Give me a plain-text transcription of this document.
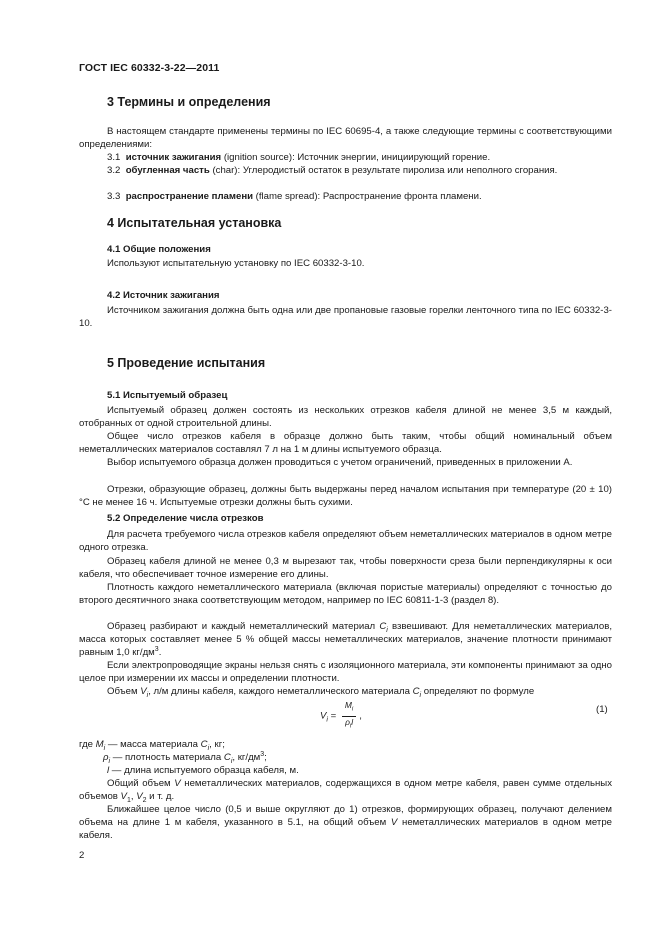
ГОСТ IEC 60332-3-22—2011
3 Термины и определения

В настоящем стандарте применены термины по IEC 60695-4, а также следующие термины с соответствующими определениями:

3.1 источник зажигания (ignition source): Источник энергии, инициирующий горение.

3.2 обугленная часть (char): Углеродистый остаток в результате пиролиза или неполного сгорания.

3.3 распространение пламени (flame spread): Распространение фронта пламени.

4 Испытательная установка
4.1 Общие положения

Используют испытательную установку по IEC 60332-3-10.

4.2 Источник зажигания

Источником зажигания должна быть одна или две пропановые газовые горелки ленточного типа по IEC 60332-3-10.

5 Проведение испытания
5.1 Испытуемый образец

Испытуемый образец должен состоять из нескольких отрезков кабеля длиной не менее 3,5 м каждый, отобранных от одной строительной длины.

Общее число отрезков кабеля в образце должно быть таким, чтобы общий номинальный объем неметаллических материалов составлял 7 л на 1 м длины испытуемого образца.

Выбор испытуемого образца должен проводиться с учетом ограничений, приведенных в приложении А.

Отрезки, образующие образец, должны быть выдержаны перед началом испытания при температуре (20 ± 10) °С не менее 16 ч. Испытуемые отрезки должны быть сухими.

5.2 Определение числа отрезков

Для расчета требуемого числа отрезков кабеля определяют объем неметаллических материалов в одном метре одного отрезка.

Образец кабеля длиной не менее 0,3 м вырезают так, чтобы поверхности среза были перпендикулярны к оси кабеля, что обеспечивает точное измерение его длины.

Плотность каждого неметаллического материала (включая пористые материалы) определяют с точностью до второго десятичного знака соответствующим методом, например по IEC 60811-1-3 (раздел 8).

Образец разбирают и каждый неметаллический материал $C_i$ взвешивают. Для неметаллических материалов, масса которых составляет менее 5 % общей массы неметаллических материалов, значение плотности принимают равным 1,0 $кг/дм^3$.

Если электропроводящие экраны нельзя снять с изоляционного материала, эти компоненты принимают за одно целое при измерении их массы и определении плотности.

Объем $V_i$, л/м длины кабеля, каждого неметаллического материала $C_i$ определяют по формуле

$V_i = \frac{M_i}{\rho_il}$ ,
(1)

где $M_i$ — масса материала $C_i$, кг;

$\rho_i$ — плотность материала $C_i$, $кг/дм^3$;

l — длина испытуемого образца кабеля, м.

Общий объем V неметаллических материалов, содержащихся в одном метре кабеля, равен сумме отдельных объемов $V_1$, $V_2$ и т. д.

Ближайшее целое число (0,5 и выше округляют до 1) отрезков, формирующих образец, получают делением объема на длине 1 м кабеля, указанного в 5.1, на общий объем V неметаллических материалов в одном метре кабеля.

2
